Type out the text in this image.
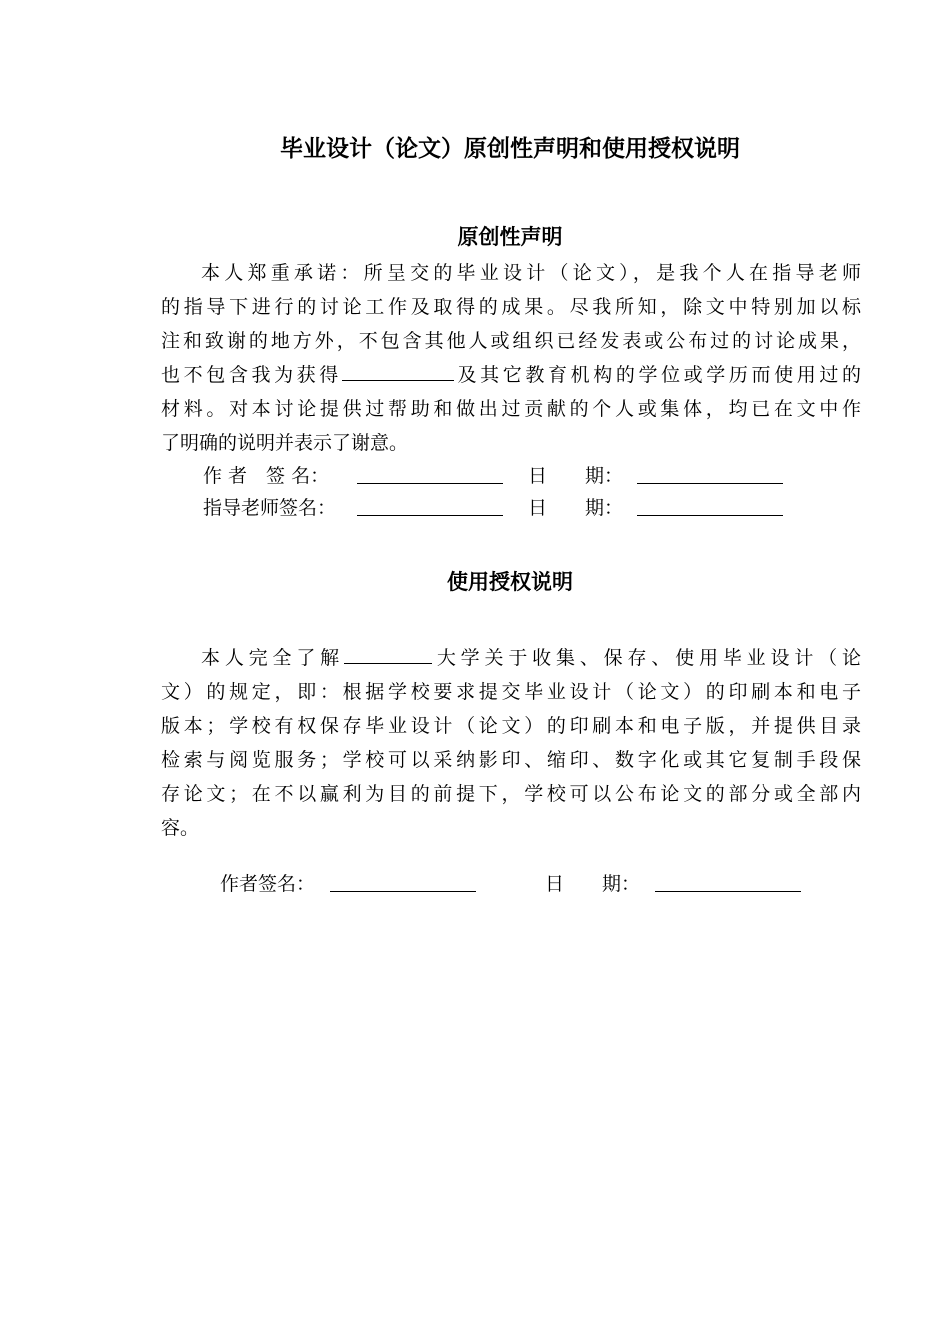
毕业设计（论文）原创性声明和使用授权说明
原创性声明
本人郑重承诺：所呈交的毕业设计（论文），是我个人在指导老师
的指导下进行的讨论工作及取得的成果。尽我所知，除文中特别加以标
注和致谢的地方外，不包含其他人或组织已经发表或公布过的讨论成果，
也不包含我为获得	及其它教育机构的学位或学历而使用过的
材料。对本讨论提供过帮助和做出过贡献的个人或集体，均已在文中作
了明确的说明并表示了谢意。
作 者　签 名：	日　　期：
指导老师签名：	日　　期：
使用授权说明
本人完全了解	大学关于收集、保存、使用毕业设计（论
文）的规定，即：根据学校要求提交毕业设计（论文）的印刷本和电子
版本；学校有权保存毕业设计（论文）的印刷本和电子版，并提供目录
检索与阅览服务；学校可以采纳影印、缩印、数字化或其它复制手段保
存论文；在不以赢利为目的前提下，学校可以公布论文的部分或全部内
容。
作者签名：	日　　期：
